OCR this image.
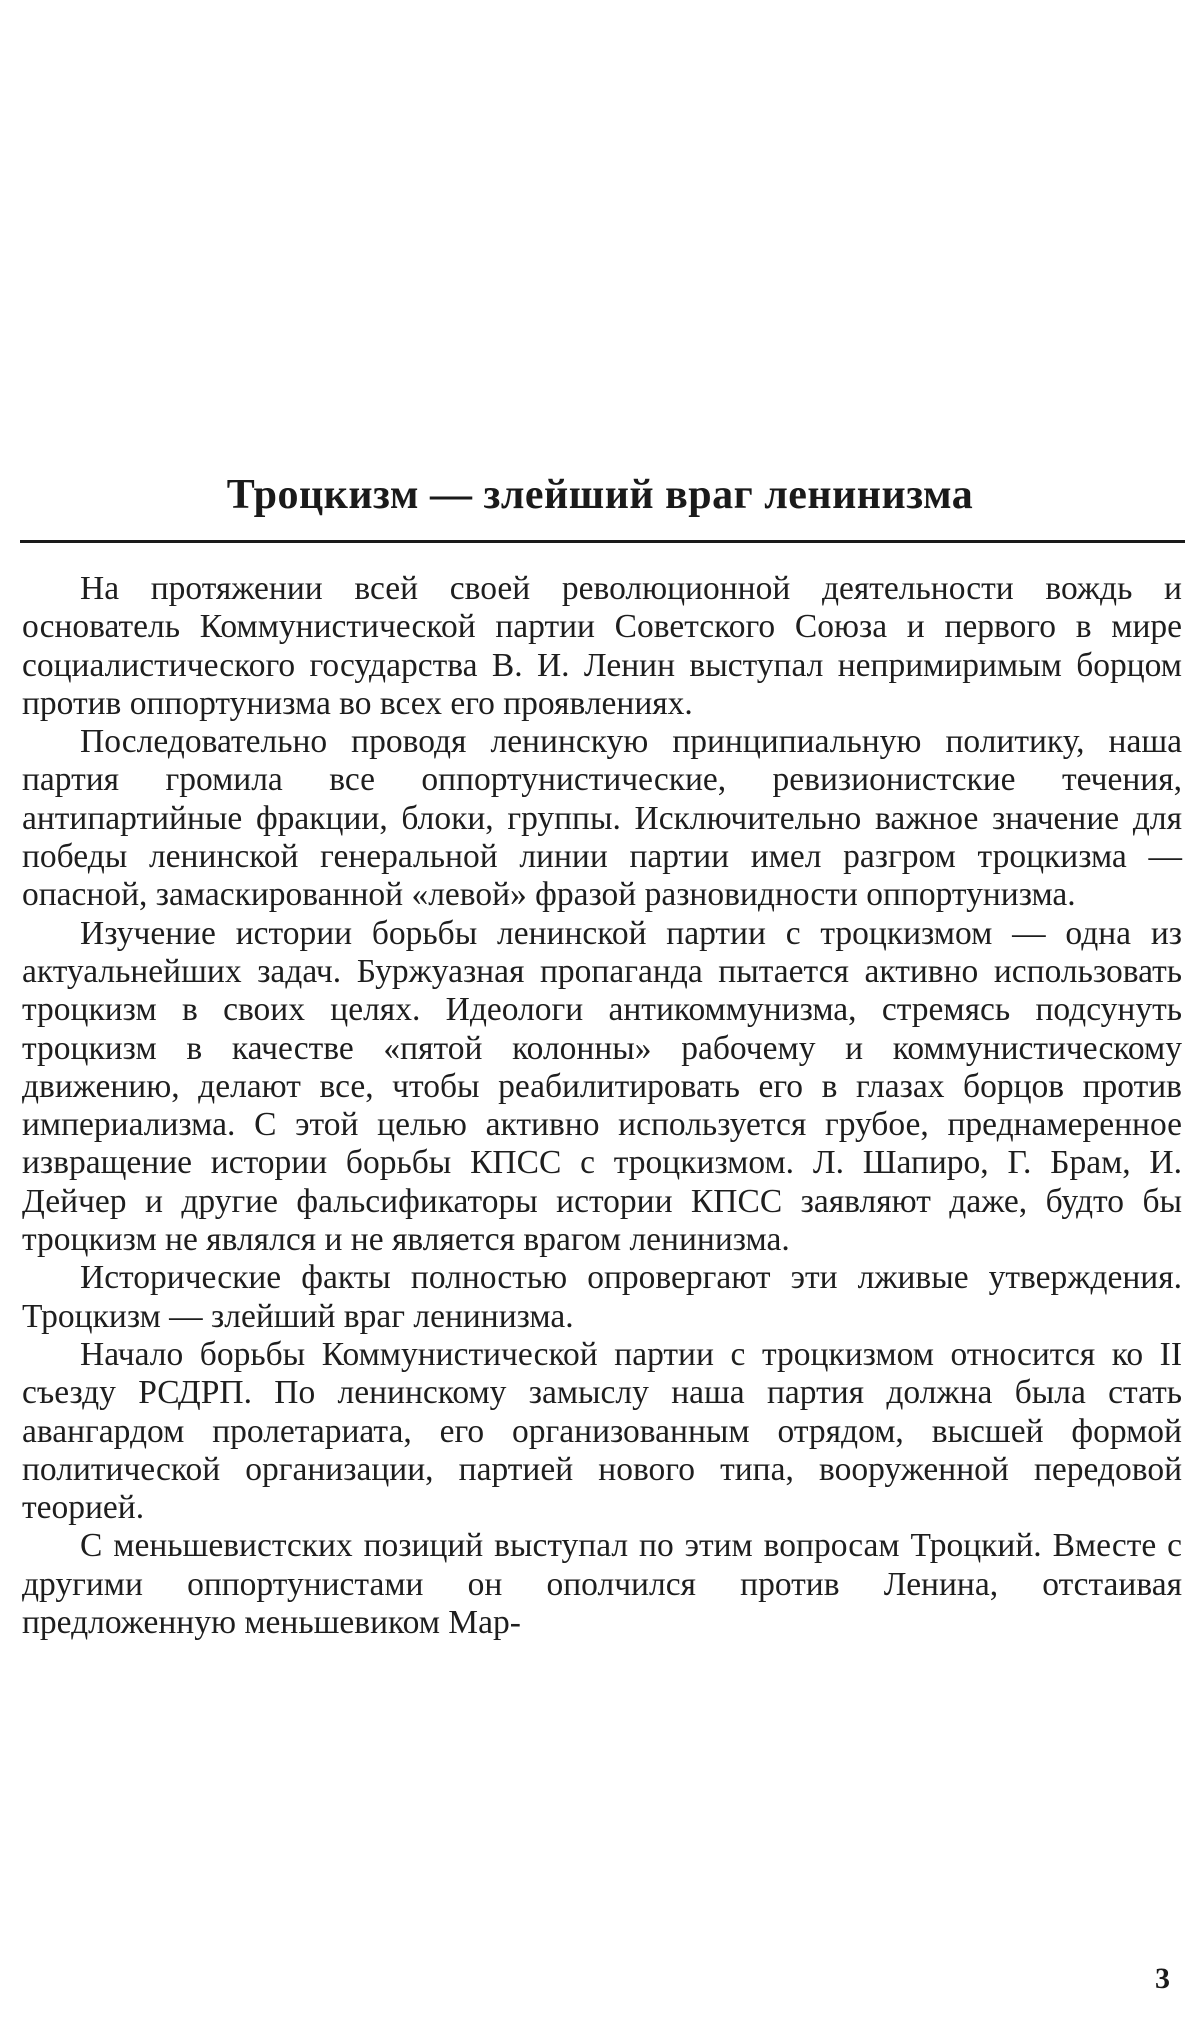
Троцкизм — злейший враг ленинизма

На протяжении всей своей революционной деятельности вождь и основатель Коммунистической партии Советского Союза и первого в мире социалистического государства В. И. Ленин выступал непримиримым борцом против оппортунизма во всех его проявлениях.

Последовательно проводя ленинскую принципиальную политику, наша партия громила все оппортунистические, ревизионистские течения, антипартийные фракции, блоки, группы. Исключительно важное значение для победы ленинской генеральной линии партии имел разгром троцкизма — опасной, замаскированной «левой» фразой разновидности оппортунизма.

Изучение истории борьбы ленинской партии с троцкизмом — одна из актуальнейших задач. Буржуазная пропаганда пытается активно использовать троцкизм в своих целях. Идеологи антикоммунизма, стремясь подсунуть троцкизм в качестве «пятой колонны» рабочему и коммунистическому движению, делают все, чтобы реабилитировать его в глазах борцов против империализма. С этой целью активно используется грубое, преднамеренное извращение истории борьбы КПСС с троцкизмом. Л. Шапиро, Г. Брам, И. Дейчер и другие фальсификаторы истории КПСС заявляют даже, будто бы троцкизм не являлся и не является врагом ленинизма.

Исторические факты полностью опровергают эти лживые утверждения. Троцкизм — злейший враг ленинизма.

Начало борьбы Коммунистической партии с троцкизмом относится ко II съезду РСДРП. По ленинскому замыслу наша партия должна была стать авангардом пролетариата, его организованным отрядом, высшей формой политической организации, партией нового типа, вооруженной передовой теорией.

С меньшевистских позиций выступал по этим вопросам Троцкий. Вместе с другими оппортунистами он ополчился против Ленина, отстаивая предложенную меньшевиком Мар-

3
